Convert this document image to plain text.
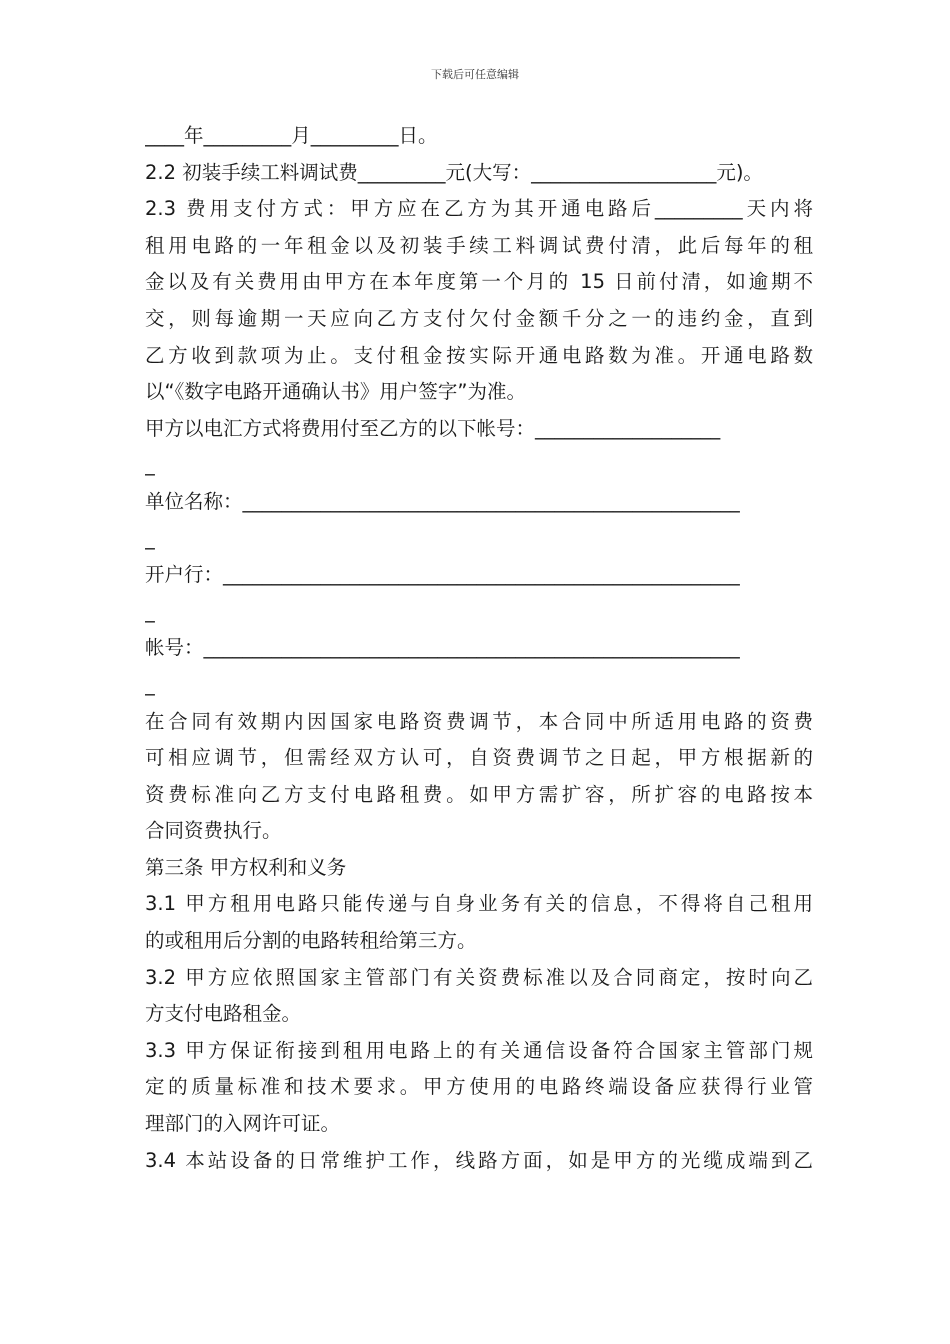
下载后可任意编辑
____年_________月_________日。
2.2 初装手续工料调试费_________元(大写：___________________元)。
2.3 费用支付方式：甲方应在乙方为其开通电路后_________天内将
租用电路的一年租金以及初装手续工料调试费付清，此后每年的租
金以及有关费用由甲方在本年度第一个月的 15 日前付清，如逾期不
交，则每逾期一天应向乙方支付欠付金额千分之一的违约金，直到
乙方收到款项为止。支付租金按实际开通电路数为准。开通电路数
以“《数字电路开通确认书》用户签字”为准。
甲方以电汇方式将费用付至乙方的以下帐号：___________________
_
单位名称：___________________________________________________
_
开户行：_____________________________________________________
_
帐号：_______________________________________________________
_
在合同有效期内因国家电路资费调节，本合同中所适用电路的资费
可相应调节，但需经双方认可，自资费调节之日起，甲方根据新的
资费标准向乙方支付电路租费。如甲方需扩容，所扩容的电路按本
合同资费执行。
第三条 甲方权利和义务
3.1 甲方租用电路只能传递与自身业务有关的信息，不得将自己租用
的或租用后分割的电路转租给第三方。
3.2 甲方应依照国家主管部门有关资费标准以及合同商定，按时向乙
方支付电路租金。
3.3 甲方保证衔接到租用电路上的有关通信设备符合国家主管部门规
定的质量标准和技术要求。甲方使用的电路终端设备应获得行业管
理部门的入网许可证。
3.4 本站设备的日常维护工作，线路方面，如是甲方的光缆成端到乙
